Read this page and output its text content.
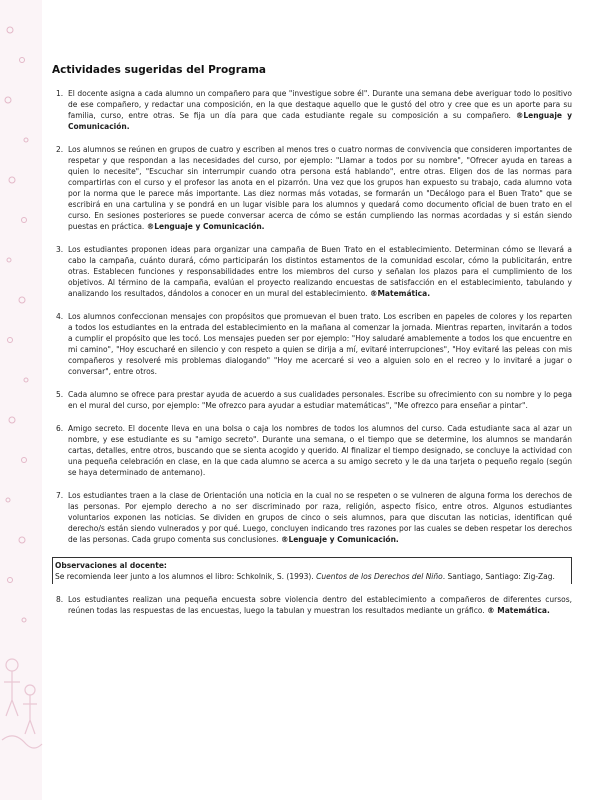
Actividades sugeridas del Programa
1. El docente asigna a cada alumno un compañero para que "investigue sobre él". Durante una semana debe averiguar todo lo positivo de ese compañero, y redactar una composición, en la que destaque aquello que le gustó del otro y cree que es un aporte para su familia, curso, entre otras. Se fija un día para que cada estudiante regale su composición a su compañero. ®Lenguaje y Comunicación.

2. Los alumnos se reúnen en grupos de cuatro y escriben al menos tres o cuatro normas de convivencia que consideren importantes de respetar y que respondan a las necesidades del curso, por ejemplo: "Llamar a todos por su nombre", "Ofrecer ayuda en tareas a quien lo necesite", "Escuchar sin interrumpir cuando otra persona está hablando", entre otras. Eligen dos de las normas para compartirlas con el curso y el profesor las anota en el pizarrón. Una vez que los grupos han expuesto su trabajo, cada alumno vota por la norma que le parece más importante. Las diez normas más votadas, se formarán un "Decálogo para el Buen Trato" que se escribirá en una cartulina y se pondrá en un lugar visible para los alumnos y quedará como documento oficial de buen trato en el curso. En sesiones posteriores se puede conversar acerca de cómo se están cumpliendo las normas acordadas y si están siendo puestas en práctica. ®Lenguaje y Comunicación.

3. Los estudiantes proponen ideas para organizar una campaña de Buen Trato en el establecimiento. Determinan cómo se llevará a cabo la campaña, cuánto durará, cómo participarán los distintos estamentos de la comunidad escolar, cómo la publicitarán, entre otras. Establecen funciones y responsabilidades entre los miembros del curso y señalan los plazos para el cumplimiento de los objetivos. Al término de la campaña, evalúan el proyecto realizando encuestas de satisfacción en el establecimiento, tabulando y analizando los resultados, dándolos a conocer en un mural del establecimiento. ®Matemática.

4. Los alumnos confeccionan mensajes con propósitos que promuevan el buen trato. Los escriben en papeles de colores y los reparten a todos los estudiantes en la entrada del establecimiento en la mañana al comenzar la jornada. Mientras reparten, invitarán a todos a cumplir el propósito que les tocó. Los mensajes pueden ser por ejemplo: "Hoy saludaré amablemente a todos los que encuentre en mi camino", "Hoy escucharé en silencio y con respeto a quien se dirija a mí, evitaré interrupciones", "Hoy evitaré las peleas con mis compañeros y resolveré mis problemas dialogando" "Hoy me acercaré si veo a alguien solo en el recreo y lo invitaré a jugar o conversar", entre otros.

5. Cada alumno se ofrece para prestar ayuda de acuerdo a sus cualidades personales. Escribe su ofrecimiento con su nombre y lo pega en el mural del curso, por ejemplo: "Me ofrezco para ayudar a estudiar matemáticas", "Me ofrezco para enseñar a pintar".

6. Amigo secreto. El docente lleva en una bolsa o caja los nombres de todos los alumnos del curso. Cada estudiante saca al azar un nombre, y ese estudiante es su "amigo secreto". Durante una semana, o el tiempo que se determine, los alumnos se mandarán cartas, detalles, entre otros, buscando que se sienta acogido y querido. Al finalizar el tiempo designado, se concluye la actividad con una pequeña celebración en clase, en la que cada alumno se acerca a su amigo secreto y le da una tarjeta o pequeño regalo (según se haya determinado de antemano).

7. Los estudiantes traen a la clase de Orientación una noticia en la cual no se respeten o se vulneren de alguna forma los derechos de las personas. Por ejemplo derecho a no ser discriminado por raza, religión, aspecto físico, entre otros. Algunos estudiantes voluntarios exponen las noticias. Se dividen en grupos de cinco o seis alumnos, para que discutan las noticias, identifican qué derecho/s están siendo vulnerados y por qué. Luego, concluyen indicando tres razones por las cuales se deben respetar los derechos de las personas. Cada grupo comenta sus conclusiones. ®Lenguaje y Comunicación.

Observaciones al docente:

Se recomienda leer junto a los alumnos el libro: Schkolnik, S. (1993). Cuentos de los Derechos del Niño. Santiago, Santiago: Zig-Zag.

8. Los estudiantes realizan una pequeña encuesta sobre violencia dentro del establecimiento a compañeros de diferentes cursos, reúnen todas las respuestas de las encuestas, luego la tabulan y muestran los resultados mediante un gráfico. ® Matemática.
